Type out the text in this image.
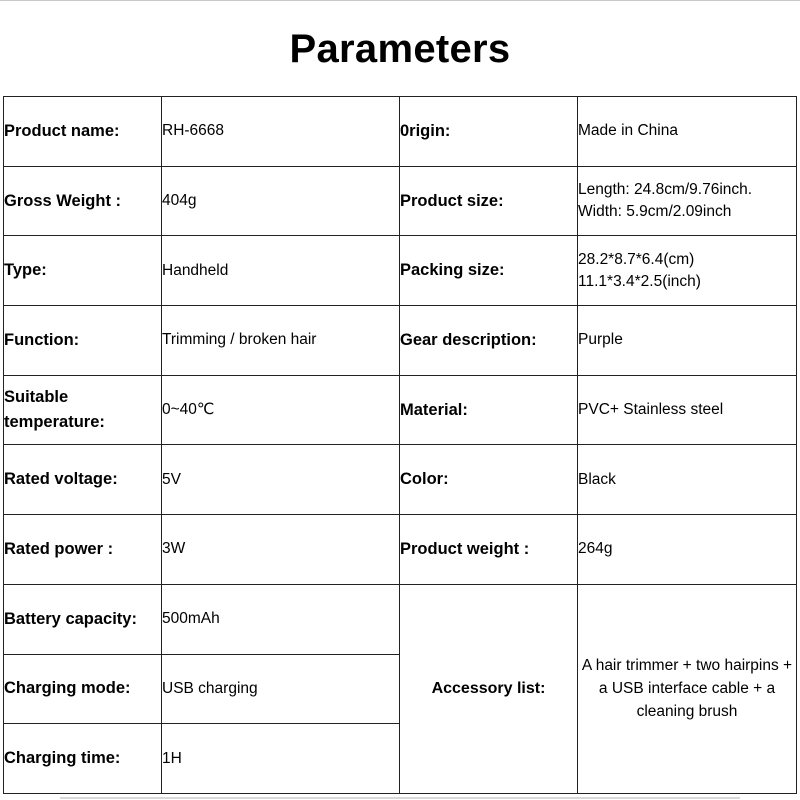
Parameters
Product name:	RH-6668	0rigin:	Made in China

Gross Weight :	404g	Product size:	Length: 24.8cm/9.76inch.
Width: 5.9cm/2.09inch

Type:	Handheld	Packing size:	28.2*8.7*6.4(cm)
11.1*3.4*2.5(inch)

Function:	Trimming / broken hair	Gear description:	Purple

Suitable temperature:	0~40℃	Material:	PVC+ Stainless steel

Rated voltage:	5V	Color:	Black

Rated power :	3W	Product weight :	264g

Battery capacity:	500mAh	Accessory list:	A hair trimmer + two hairpins + a USB interface cable + a cleaning brush
Charging mode:	USB charging		

Charging time:	1H		
